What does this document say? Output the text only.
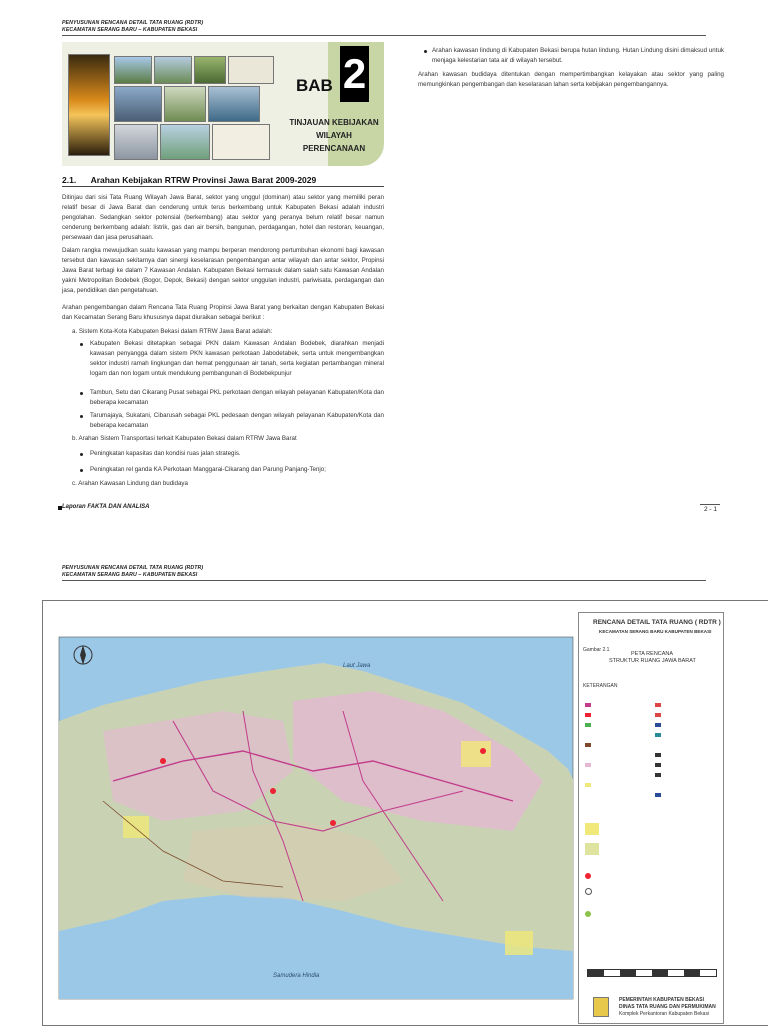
PENYUSUNAN RENCANA DETAIL TATA RUANG (RDTR)
KECAMATAN SERANG BARU – KABUPATEN BEKASI
BAB 2
TINJAUAN KEBIJAKAN
WILAYAH
PERENCANAAN
2.1. Arahan Kebijakan RTRW Provinsi Jawa Barat 2009-2029
Ditinjau dari sisi Tata Ruang Wilayah Jawa Barat, sektor yang unggul (dominan) atau sektor yang memiliki peran relatif besar di Jawa Barat dan cenderung untuk terus berkembang untuk Kabupaten Bekasi adalah industri pengolahan. Sedangkan sektor potensial (berkembang) atau sektor yang peranya belum relatif besar namun cenderung berkembang adalah: listrik, gas dan air bersih, bangunan, perdagangan, hotel dan restoran, keuangan, persewaan dan jasa perusahaan.
Dalam rangka mewujudkan suatu kawasan yang mampu berperan mendorong pertumbuhan ekonomi bagi kawasan tersebut dan kawasan sekitarnya dan sinergi keselarasan pengembangan antar wilayah dan antar sektor, Propinsi Jawa Barat terbagi ke dalam 7 Kawasan Andalan. Kabupaten Bekasi termasuk dalam salah satu Kawasan Andalan yakni Metropolitan Bodebek (Bogor, Depok, Bekasi) dengan sektor unggulan industri, pariwisata, perdagangan dan jasa, pendidikan dan pengetahuan.
Arahan pengembangan dalam Rencana Tata Ruang Propinsi Jawa Barat yang berkaitan dengan Kabupaten Bekasi dan Kecamatan Serang Baru khususnya dapat diuraikan sebagai berikut :
a. Sistem Kota-Kota Kabupaten Bekasi dalam RTRW Jawa Barat adalah:
Kabupaten Bekasi ditetapkan sebagai PKN dalam Kawasan Andalan Bodebek, diarahkan menjadi kawasan penyangga dalam sistem PKN kawasan perkotaan Jabodetabek, serta untuk mengembangkan sektor industri ramah lingkungan dan hemat penggunaan air tanah, serta kegiatan pertambangan mineral logam dan non logam untuk mendukung pembangunan di Bodebekpunjur
Tambun, Setu dan Cikarang Pusat sebagai PKL perkotaan dengan wilayah pelayanan Kabupaten/Kota dan beberapa kecamatan
Tarumajaya, Sukatani, Cibarusah sebagai PKL pedesaan dengan wilayah pelayanan Kabupaten/Kota dan beberapa kecamatan
b. Arahan Sistem Transportasi terkait Kabupaten Bekasi dalam RTRW Jawa Barat
Peningkatan kapasitas dan kondisi ruas jalan strategis.
Peningkatan rel ganda KA Perkotaan Manggarai-Cikarang dan Parung Panjang-Tenjo;
c. Arahan Kawasan Lindung dan budidaya
Arahan kawasan lindung di Kabupaten Bekasi berupa hutan lindung. Hutan Lindung disini dimaksud untuk menjaga kelestarian tata air di wilayah tersebut.
Arahan kawasan budidaya ditentukan dengan mempertimbangkan kelayakan atau sektor yang paling memungkinkan pengembangan dan keselarasan lahan serta kebijakan pengembangannya.
Laporan FAKTA DAN ANALISA	2 - 1
PENYUSUNAN RENCANA DETAIL TATA RUANG (RDTR)
KECAMATAN SERANG BARU – KABUPATEN BEKASI
Laut Jawa
Samudera Hindia
RENCANA DETAIL TATA RUANG ( RDTR )
KECAMATAN SERANG BARU KABUPATEN BEKASI
Gambar 2.1
PETA RENCANA
STRUKTUR RUANG JAWA BARAT
KETERANGAN
PEMERINTAH KABUPATEN BEKASI
DINAS TATA RUANG DAN PERMUKIMAN
Komplek Perkantoran Kabupaten Bekasi
